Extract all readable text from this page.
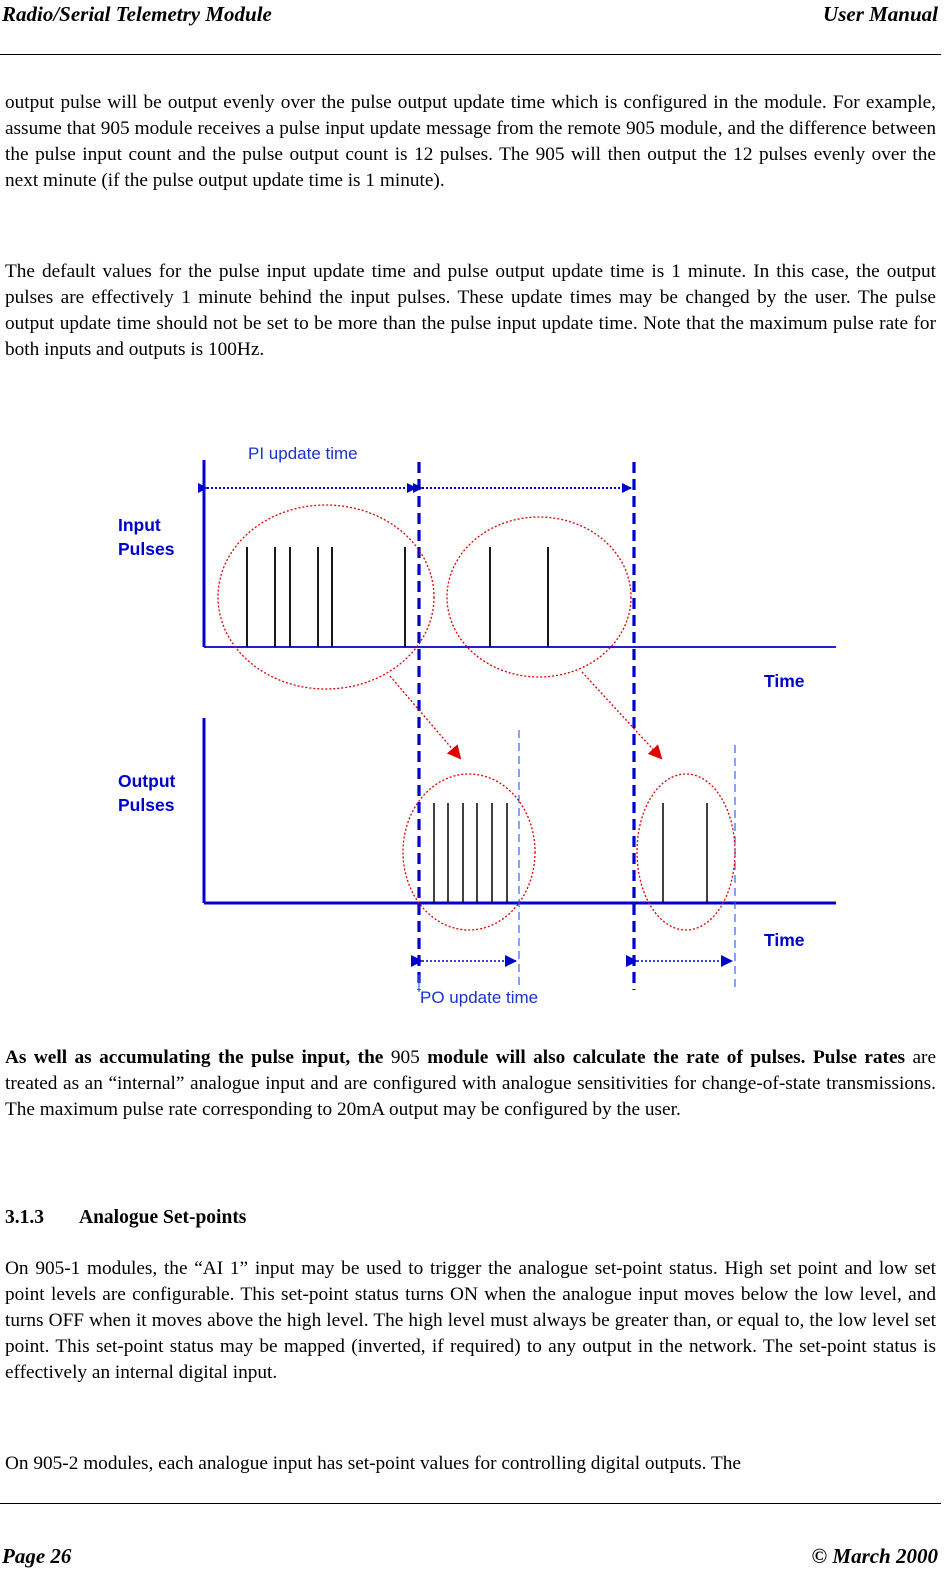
Radio/Serial Telemetry Module	User Manual

output pulse will be output evenly over the pulse output update time which is configured in the module. For example, assume that 905 module receives a pulse input update message from the remote 905 module, and the difference between the pulse input count and the pulse output count is 12 pulses. The 905 will then output the 12 pulses evenly over the next minute (if the pulse output update time is 1 minute).

The default values for the pulse input update time and pulse output update time is 1 minute. In this case, the output pulses are effectively 1 minute behind the input pulses. These update times may be changed by the user. The pulse output update time should not be set to be more than the pulse input update time. Note that the maximum pulse rate for both inputs and outputs is 100Hz.

PI update time
Input
Pulses
Output
Pulses
Time
Time
PO update time

As well as accumulating the pulse input, the 905 module will also calculate the rate of pulses. Pulse rates are treated as an “internal” analogue input and are configured with analogue sensitivities for change-of-state transmissions. The maximum pulse rate corresponding to 20mA output may be configured by the user.

3.1.3 Analogue Set-points

On 905-1 modules, the “AI 1” input may be used to trigger the analogue set-point status. High set point and low set point levels are configurable. This set-point status turns ON when the analogue input moves below the low level, and turns OFF when it moves above the high level. The high level must always be greater than, or equal to, the low level set point. This set-point status may be mapped (inverted, if required) to any output in the network. The set-point status is effectively an internal digital input.

On 905-2 modules, each analogue input has set-point values for controlling digital outputs. The

Page 26	© March 2000
